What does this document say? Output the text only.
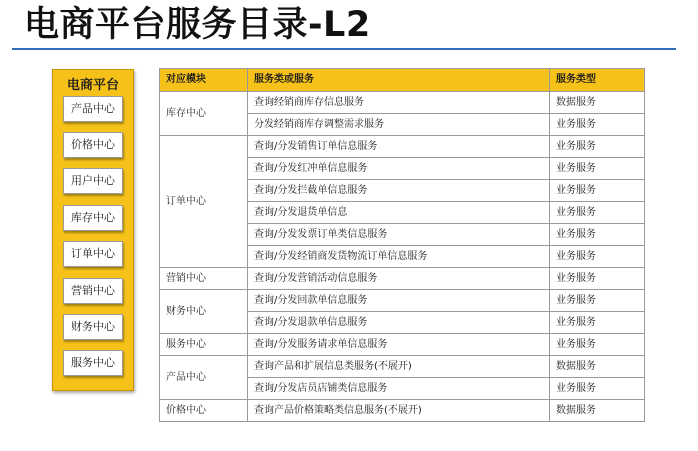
电商平台服务目录-L2
电商平台
产品中心
价格中心
用户中心
库存中心
订单中心
营销中心
财务中心
服务中心
对应模块	服务类或服务	服务类型
库存中心	查询经销商库存信息服务	数据服务
	分发经销商库存调整需求服务	业务服务
订单中心	查询/分发销售订单信息服务	业务服务
	查询/分发红冲单信息服务	业务服务
	查询/分发拦截单信息服务	业务服务
	查询/分发退货单信息	业务服务
	查询/分发发票订单类信息服务	业务服务
	查询/分发经销商发货物流订单信息服务	业务服务
营销中心	查询/分发营销活动信息服务	业务服务
财务中心	查询/分发回款单信息服务	业务服务
	查询/分发退款单信息服务	业务服务
服务中心	查询/分发服务请求单信息服务	业务服务
产品中心	查询产品和扩展信息类服务(不展开)	数据服务
	查询/分发店员店铺类信息服务	业务服务
价格中心	查询产品价格策略类信息服务(不展开)	数据服务
